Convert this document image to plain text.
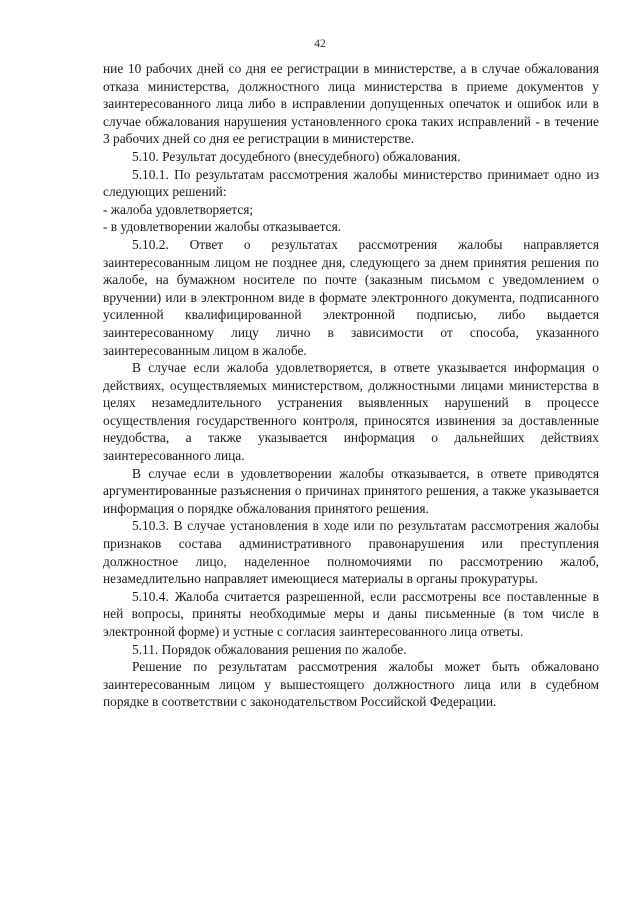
42

ние 10 рабочих дней со дня ее регистрации в министерстве, а в случае обжалования отказа министерства, должностного лица министерства в приеме документов у заинтересованного лица либо в исправлении допущенных опечаток и ошибок или в случае обжалования нарушения установленного срока таких исправлений - в течение 3 рабочих дней со дня ее регистрации в министерстве.

5.10. Результат досудебного (внесудебного) обжалования.

5.10.1. По результатам рассмотрения жалобы министерство принимает одно из следующих решений:

- жалоба удовлетворяется;

- в удовлетворении жалобы отказывается.

5.10.2. Ответ о результатах рассмотрения жалобы направляется заинтересованным лицом не позднее дня, следующего за днем принятия решения по жалобе, на бумажном носителе по почте (заказным письмом с уведомлением о вручении) или в электронном виде в формате электронного документа, подписанного усиленной квалифицированной электронной подписью, либо выдается заинтересованному лицу лично в зависимости от способа, указанного заинтересованным лицом в жалобе.

В случае если жалоба удовлетворяется, в ответе указывается информация о действиях, осуществляемых министерством, должностными лицами министерства в целях незамедлительного устранения выявленных нарушений в процессе осуществления государственного контроля, приносятся извинения за доставленные неудобства, а также указывается информация о дальнейших действиях заинтересованного лица.

В случае если в удовлетворении жалобы отказывается, в ответе приводятся аргументированные разъяснения о причинах принятого решения, а также указывается информация о порядке обжалования принятого решения.

5.10.3. В случае установления в ходе или по результатам рассмотрения жалобы признаков состава административного правонарушения или преступления должностное лицо, наделенное полномочиями по рассмотрению жалоб, незамедлительно направляет имеющиеся материалы в органы прокуратуры.

5.10.4. Жалоба считается разрешенной, если рассмотрены все поставленные в ней вопросы, приняты необходимые меры и даны письменные (в том числе в электронной форме) и устные с согласия заинтересованного лица ответы.

5.11. Порядок обжалования решения по жалобе.

Решение по результатам рассмотрения жалобы может быть обжаловано заинтересованным лицом у вышестоящего должностного лица или в судебном порядке в соответствии с законодательством Российской Федерации.
